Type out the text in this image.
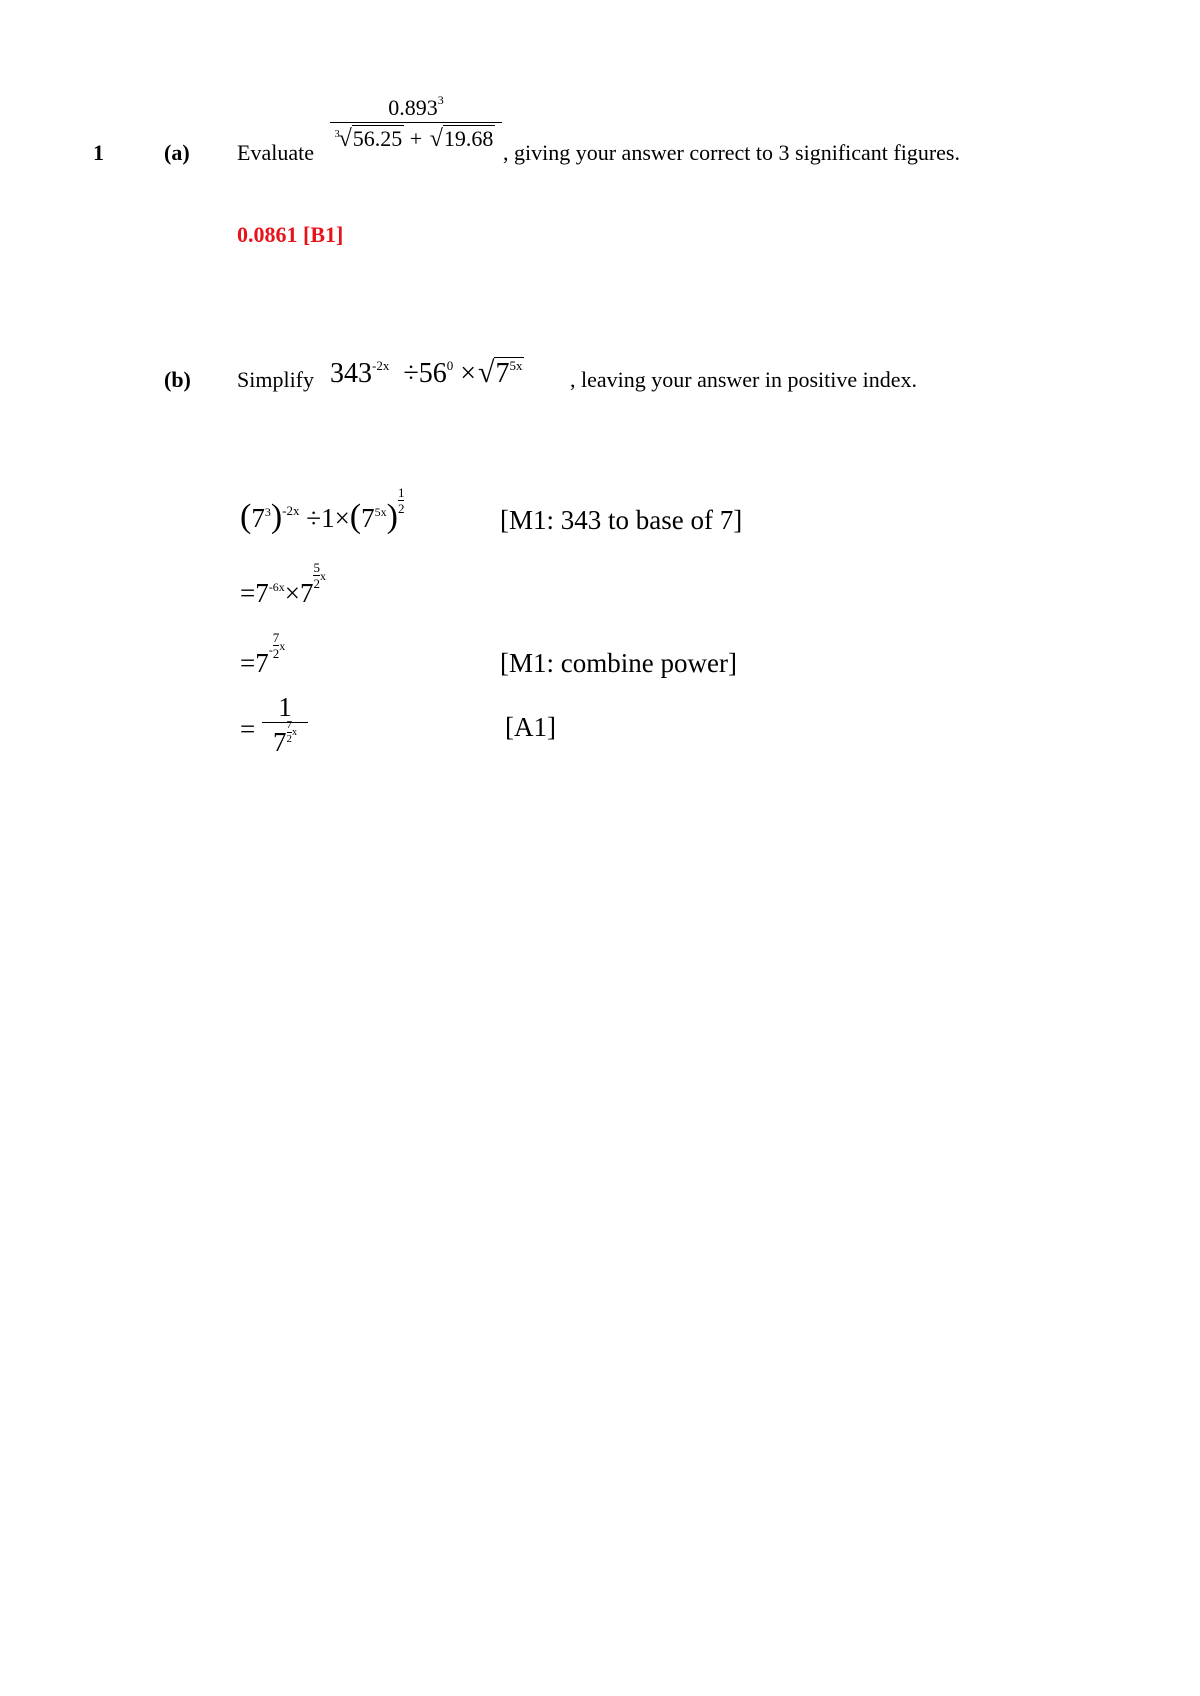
1	(a) Evaluate
0.893$^3$
3 √56.25 + √19.68
, giving your answer correct to 3 significant figures.
0.0861 [B1]
(b) Simplify $343^{-2x} \div 56^0 \times√7^{5x}$
, leaving your answer in positive index.
$(7^3)^{-2x} \div 1\times(7^{5x}) \frac{1}{2}$
[M1: 343 to base of 7]
$=7^{-6x}\times 7$
$\frac{5}{2} ^x$
$=7^- \frac{7}{2} ^x$
[M1: combine power]
=
1
$7 \frac{7}{2} ^x$	[A1]
